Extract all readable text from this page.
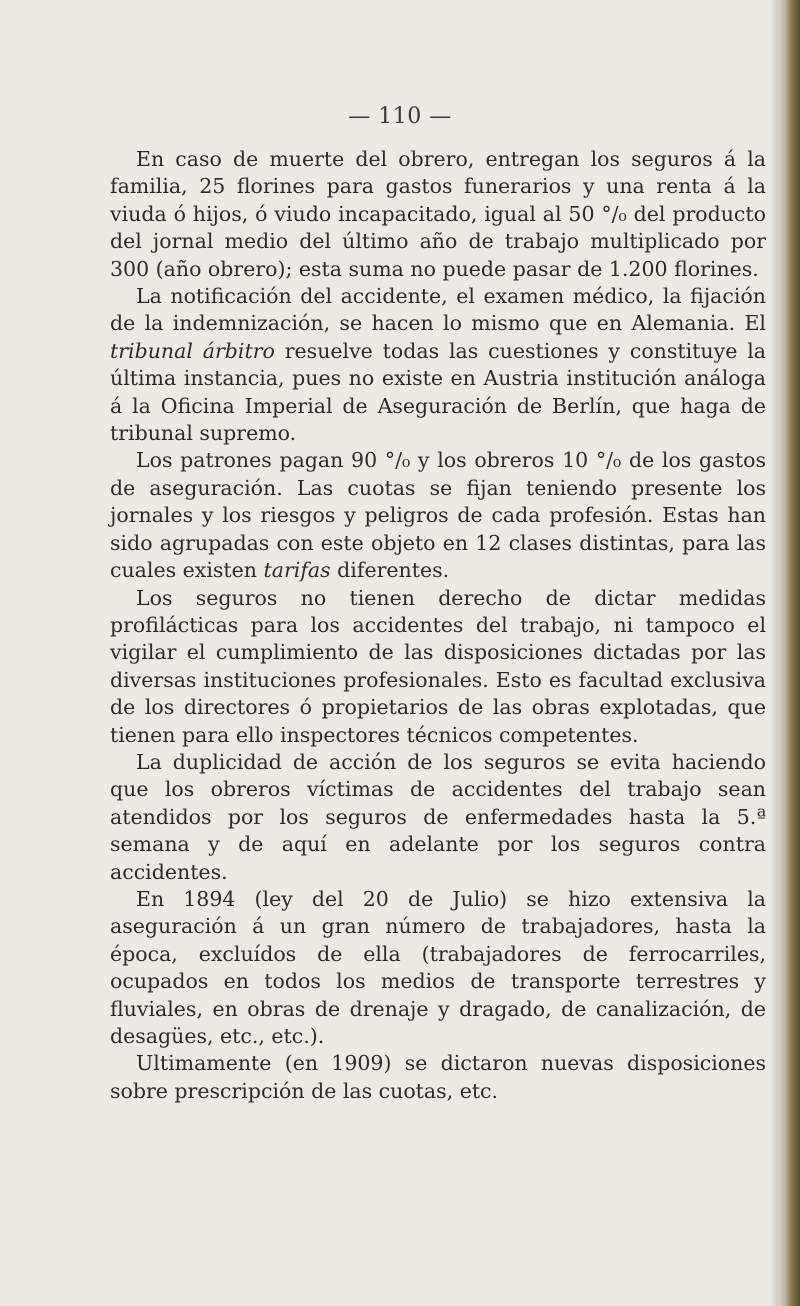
— 110 —

En caso de muerte del obrero, entregan los seguros á la familia, 25 florines para gastos funerarios y una renta á la viuda ó hijos, ó viudo incapacitado, igual al 50 °/₀ del producto del jornal medio del último año de trabajo multiplicado por 300 (año obrero); esta suma no puede pasar de 1.200 florines.

La notificación del accidente, el examen médico, la fijación de la indemnización, se hacen lo mismo que en Alemania. El tribunal árbitro resuelve todas las cuestiones y constituye la última instancia, pues no existe en Austria institución análoga á la Oficina Imperial de Aseguración de Berlín, que haga de tribunal supremo.

Los patrones pagan 90 °/₀ y los obreros 10 °/₀ de los gastos de aseguración. Las cuotas se fijan teniendo presente los jornales y los riesgos y peligros de cada profesión. Estas han sido agrupadas con este objeto en 12 clases distintas, para las cuales existen tarifas diferentes.

Los seguros no tienen derecho de dictar medidas profilácticas para los accidentes del trabajo, ni tampoco el vigilar el cumplimiento de las disposiciones dictadas por las diversas instituciones profesionales. Esto es facultad exclusiva de los directores ó propietarios de las obras explotadas, que tienen para ello inspectores técnicos competentes.

La duplicidad de acción de los seguros se evita haciendo que los obreros víctimas de accidentes del trabajo sean atendidos por los seguros de enfermedades hasta la 5.ª semana y de aquí en adelante por los seguros contra accidentes.

En 1894 (ley del 20 de Julio) se hizo extensiva la aseguración á un gran número de trabajadores, hasta la época, excluídos de ella (trabajadores de ferrocarriles, ocupados en todos los medios de transporte terrestres y fluviales, en obras de drenaje y dragado, de canalización, de desagües, etc., etc.).

Ultimamente (en 1909) se dictaron nuevas disposiciones sobre prescripción de las cuotas, etc.
